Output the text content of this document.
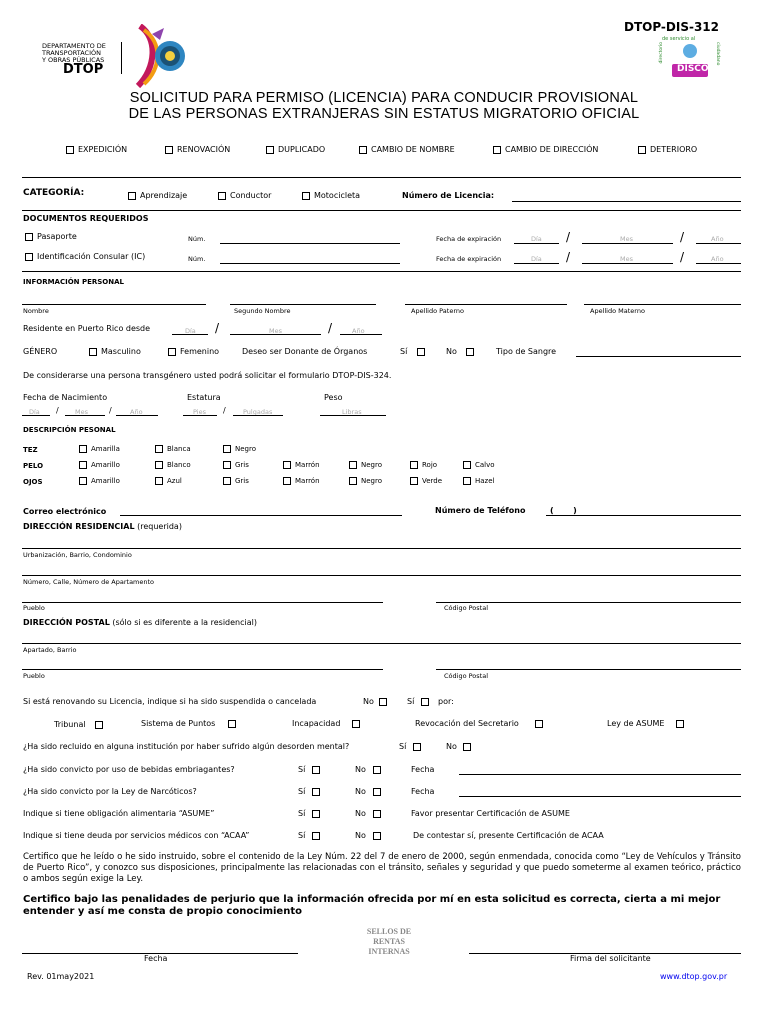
DEPARTAMENTO DE
TRANSPORTACIÓN
Y OBRAS PÚBLICAS
DTOP
DTOP-DIS-312
de servicio al
DISCO
directorio	ciudadano
SOLICITUD PARA PERMISO (LICENCIA) PARA CONDUCIR PROVISIONAL
DE LAS PERSONAS EXTRANJERAS SIN ESTATUS MIGRATORIO OFICIAL
EXPEDICIÓN	RENOVACIÓN	DUPLICADO	CAMBIO DE NOMBRE	CAMBIO DE DIRECCIÓN	DETERIORO
CATEGORÍA:	Aprendizaje	Conductor	Motocicleta	Número de Licencia:
DOCUMENTOS REQUERIDOS
Pasaporte	Núm.	Fecha de expiración	Día /	Mes	/	Año
Identificación Consular (IC)	Núm.	Fecha de expiración	Día /	Mes	/	Año
INFORMACIÓN PERSONAL
Nombre	Segundo Nombre	Apellido Paterno	Apellido Materno
Residente en Puerto Rico desde	Día /	Mes	/	Año
GÉNERO	Masculino	Femenino	Deseo ser Donante de Órganos	Sí	No	Tipo de Sangre
De considerarse una persona transgénero usted podrá solicitar el formulario DTOP-DIS-324.
Fecha de Nacimiento	Estatura	Peso
Día /	Mes	/	Año	Pies /	Pulgadas	Libras
DESCRIPCIÓN PESONAL
TEZ	Amarilla	Blanca	Negro
PELO	Amarillo	Blanco	Gris	Marrón	Negro	Rojo	Calvo
OJOS	Amarillo	Azul	Gris	Marrón	Negro	Verde	Hazel
Correo electrónico	Número de Teléfono	(       )
DIRECCIÓN RESIDENCIAL (requerida)
Urbanización, Barrio, Condominio
Número, Calle, Número de Apartamento
Pueblo	Código Postal
DIRECCIÓN POSTAL (sólo si es diferente a la residencial)
Apartado, Barrio
Pueblo	Código Postal
Si está renovando su Licencia, indique si ha sido suspendida o cancelada	No	Sí	por:
Tribunal	Sistema de Puntos	Incapacidad	Revocación del Secretario	Ley de ASUME
¿Ha sido recluido en alguna institución por haber sufrido algún desorden mental?	Sí	No
¿Ha sido convicto por uso de bebidas embriagantes?	Sí	No	Fecha
¿Ha sido convicto por la Ley de Narcóticos?	Sí	No	Fecha
Indique si tiene obligación alimentaria “ASUME”	Sí	No	Favor presentar Certificación de ASUME
Indique si tiene deuda por servicios médicos con “ACAA”	Sí	No	De contestar sí, presente Certificación de ACAA
Certifico que he leído o he sido instruido, sobre el contenido de la Ley Núm. 22 del 7 de enero de 2000, según enmendada, conocida como “Ley de Vehículos y Tránsito de Puerto Rico”, y conozco sus disposiciones, principalmente las relacionadas con el tránsito, señales y seguridad y que puedo someterme al examen teórico, práctico o ambos según exige la Ley.
Certifico bajo las penalidades de perjurio que la información ofrecida por mí en esta solicitud es correcta, cierta a mi mejor entender y así me consta de propio conocimiento
SELLOS DE
RENTAS
INTERNAS
Fecha	Firma del solicitante
Rev. 01may2021	www.dtop.gov.pr
